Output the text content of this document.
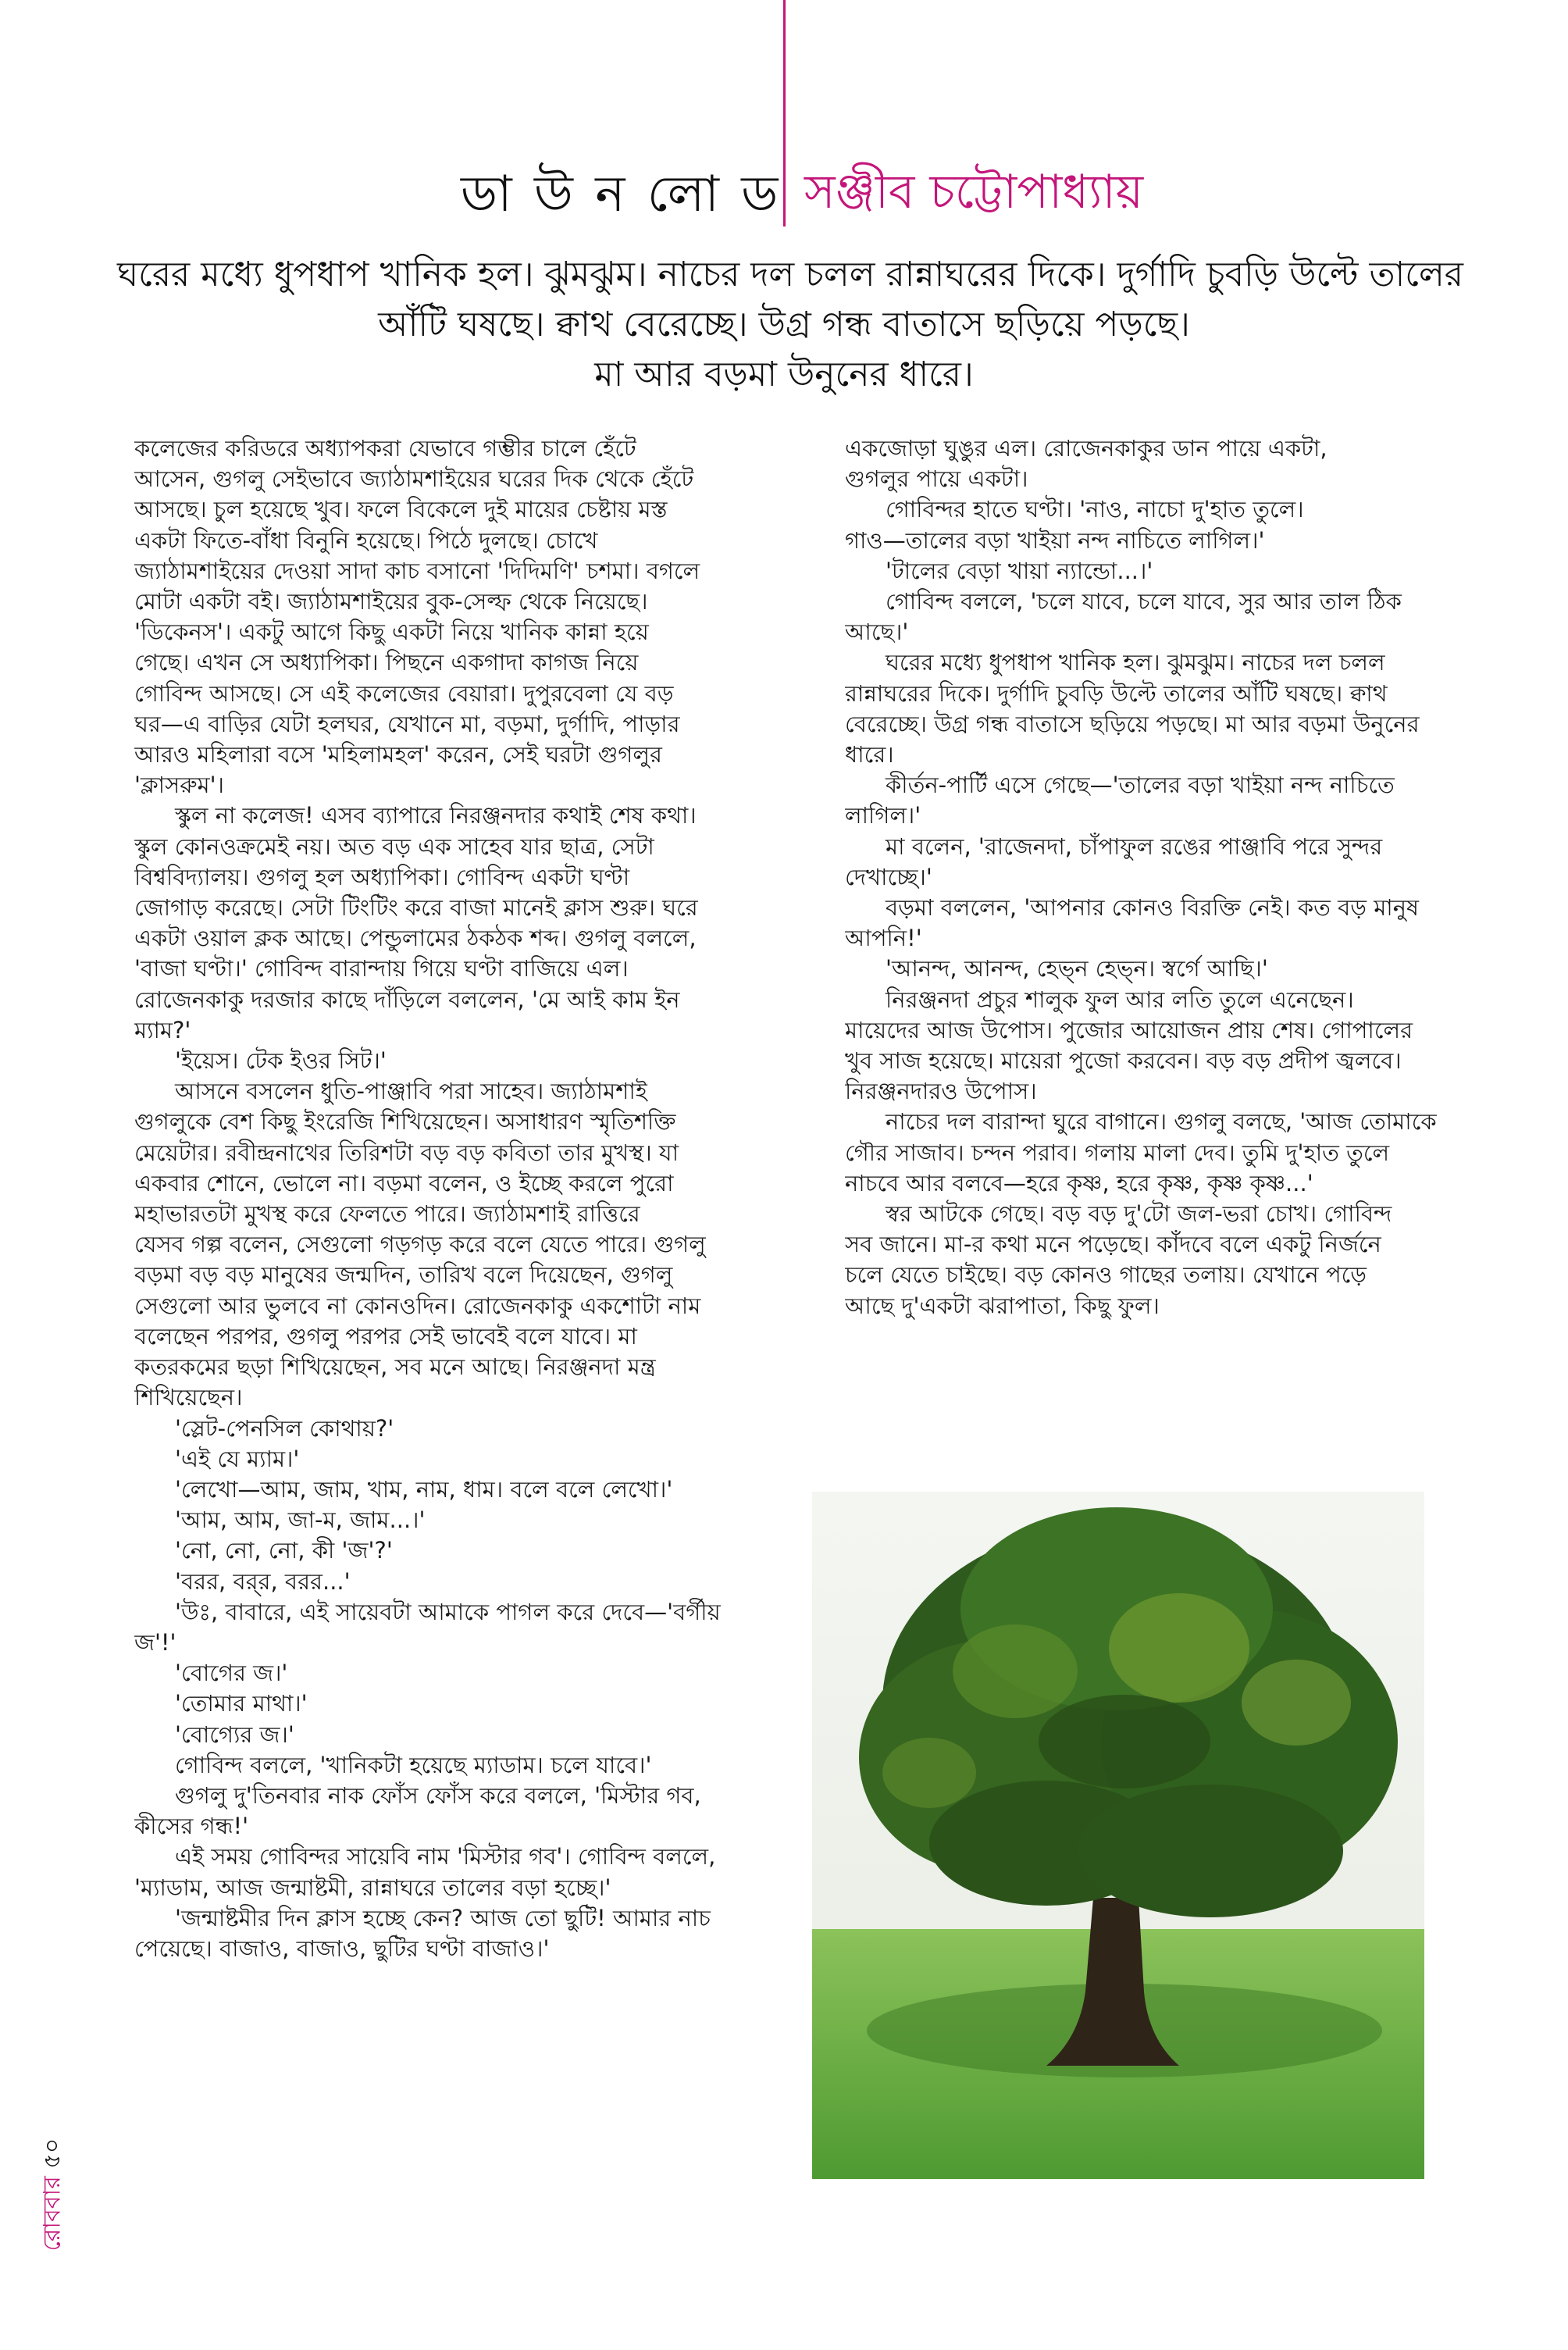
ডা উ ন লো ড সঞ্জীব চট্টোপাধ্যায়
ঘরের মধ্যে ধুপধাপ খানিক হল। ঝুমঝুম। নাচের দল চলল রান্নাঘরের দিকে। দুর্গাদি চুবড়ি উল্টে তালের
আঁটি ঘষছে। ক্বাথ বেরেচ্ছে। উগ্র গন্ধ বাতাসে ছড়িয়ে পড়ছে।
মা আর বড়মা উনুনের ধারে।
কলেজের করিডরে অধ্যাপকরা যেভাবে গম্ভীর চালে হেঁটে
আসেন, গুগলু সেইভাবে জ্যাঠামশাইয়ের ঘরের দিক থেকে হেঁটে
আসছে। চুল হয়েছে খুব। ফলে বিকেলে দুই মায়ের চেষ্টায় মস্ত
একটা ফিতে-বাঁধা বিনুনি হয়েছে। পিঠে দুলছে। চোখে
জ্যাঠামশাইয়ের দেওয়া সাদা কাচ বসানো 'দিদিমণি' চশমা। বগলে
মোটা একটা বই। জ্যাঠামশাইয়ের বুক-সেল্ফ থেকে নিয়েছে।
'ডিকেনস'। একটু আগে কিছু একটা নিয়ে খানিক কান্না হয়ে
গেছে। এখন সে অধ্যাপিকা। পিছনে একগাদা কাগজ নিয়ে
গোবিন্দ আসছে। সে এই কলেজের বেয়ারা। দুপুরবেলা যে বড়
ঘর—এ বাড়ির যেটা হলঘর, যেখানে মা, বড়মা, দুর্গাদি, পাড়ার
আরও মহিলারা বসে 'মহিলামহল' করেন, সেই ঘরটা গুগলুর
'ক্লাসরুম'।
স্কুল না কলেজ! এসব ব্যাপারে নিরঞ্জনদার কথাই শেষ কথা।
স্কুল কোনওক্রমেই নয়। অত বড় এক সাহেব যার ছাত্র, সেটা
বিশ্ববিদ্যালয়। গুগলু হল অধ্যাপিকা। গোবিন্দ একটা ঘণ্টা
জোগাড় করেছে। সেটা টিংটিং করে বাজা মানেই ক্লাস শুরু। ঘরে
একটা ওয়াল ক্লক আছে। পেন্ডুলামের ঠকঠক শব্দ। গুগলু বললে,
'বাজা ঘণ্টা।' গোবিন্দ বারান্দায় গিয়ে ঘণ্টা বাজিয়ে এল।
রোজেনকাকু দরজার কাছে দাঁড়িলে বললেন, 'মে আই কাম ইন
ম্যাম?'
'ইয়েস। টেক ইওর সিট।'
আসনে বসলেন ধুতি-পাঞ্জাবি পরা সাহেব। জ্যাঠামশাই
গুগলুকে বেশ কিছু ইংরেজি শিখিয়েছেন। অসাধারণ স্মৃতিশক্তি
মেয়েটার। রবীন্দ্রনাথের তিরিশটা বড় বড় কবিতা তার মুখস্থ। যা
একবার শোনে, ভোলে না। বড়মা বলেন, ও ইচ্ছে করলে পুরো
মহাভারতটা মুখস্থ করে ফেলতে পারে। জ্যাঠামশাই রাত্তিরে
যেসব গল্প বলেন, সেগুলো গড়গড় করে বলে যেতে পারে। গুগলু
বড়মা বড় বড় মানুষের জন্মদিন, তারিখ বলে দিয়েছেন, গুগলু
সেগুলো আর ভুলবে না কোনওদিন। রোজেনকাকু একশোটা নাম
বলেছেন পরপর, গুগলু পরপর সেই ভাবেই বলে যাবে। মা
কতরকমের ছড়া শিখিয়েছেন, সব মনে আছে। নিরঞ্জনদা মন্ত্র
শিখিয়েছেন।
'স্লেট-পেনসিল কোথায়?'
'এই যে ম্যাম।'
'লেখো—আম, জাম, খাম, নাম, ধাম। বলে বলে লেখো।'
'আম, আম, জা-ম, জাম...।'
'নো, নো, নো, কী 'জ'?'
'বরর, বর্‌র, বরর...'
'উঃ, বাবারে, এই সায়েবটা আমাকে পাগল করে দেবে—'বর্গীয়
জ'!'
'বোগের জ।'
'তোমার মাথা।'
'বোগ্যের জ।'
গোবিন্দ বললে, 'খানিকটা হয়েছে ম্যাডাম। চলে যাবে।'
গুগলু দু'তিনবার নাক ফোঁস ফোঁস করে বললে, 'মিস্টার গব,
কীসের গন্ধ!'
এই সময় গোবিন্দর সায়েবি নাম 'মিস্টার গব'। গোবিন্দ বললে,
'ম্যাডাম, আজ জন্মাষ্টমী, রান্নাঘরে তালের বড়া হচ্ছে।'
'জন্মাষ্টমীর দিন ক্লাস হচ্ছে কেন? আজ তো ছুটি! আমার নাচ
পেয়েছে। বাজাও, বাজাও, ছুটির ঘণ্টা বাজাও।'
একজোড়া ঘুঙুর এল। রোজেনকাকুর ডান পায়ে একটা,
গুগলুর পায়ে একটা।
গোবিন্দর হাতে ঘণ্টা। 'নাও, নাচো দু'হাত তুলে।
গাও—তালের বড়া খাইয়া নন্দ নাচিতে লাগিল।'
'টালের বেড়া খায়া ন্যান্ডো...।'
গোবিন্দ বললে, 'চলে যাবে, চলে যাবে, সুর আর তাল ঠিক
আছে।'
ঘরের মধ্যে ধুপধাপ খানিক হল। ঝুমঝুম। নাচের দল চলল
রান্নাঘরের দিকে। দুর্গাদি চুবড়ি উল্টে তালের আঁটি ঘষছে। ক্বাথ
বেরেচ্ছে। উগ্র গন্ধ বাতাসে ছড়িয়ে পড়ছে। মা আর বড়মা উনুনের
ধারে।
কীর্তন-পার্টি এসে গেছে—'তালের বড়া খাইয়া নন্দ নাচিতে
লাগিল।'
মা বলেন, 'রাজেনদা, চাঁপাফুল রঙের পাঞ্জাবি পরে সুন্দর
দেখাচ্ছে।'
বড়মা বললেন, 'আপনার কোনও বিরক্তি নেই। কত বড় মানুষ
আপনি!'
'আনন্দ, আনন্দ, হেভ্‌ন হেভ্‌ন। স্বর্গে আছি।'
নিরঞ্জনদা প্রচুর শালুক ফুল আর লতি তুলে এনেছেন।
মায়েদের আজ উপোস। পুজোর আয়োজন প্রায় শেষ। গোপালের
খুব সাজ হয়েছে। মায়েরা পুজো করবেন। বড় বড় প্রদীপ জ্বলবে।
নিরঞ্জনদারও উপোস।
নাচের দল বারান্দা ঘুরে বাগানে। গুগলু বলছে, 'আজ তোমাকে
গৌর সাজাব। চন্দন পরাব। গলায় মালা দেব। তুমি দু'হাত তুলে
নাচবে আর বলবে—হরে কৃষ্ণ, হরে কৃষ্ণ, কৃষ্ণ কৃষ্ণ...'
স্বর আটকে গেছে। বড় বড় দু'টো জল-ভরা চোখ। গোবিন্দ
সব জানে। মা-র কথা মনে পড়েছে। কাঁদবে বলে একটু নির্জনে
চলে যেতে চাইছে। বড় কোনও গাছের তলায়। যেখানে পড়ে
আছে দু'একটা ঝরাপাতা, কিছু ফুল।
রোববার ৫০
